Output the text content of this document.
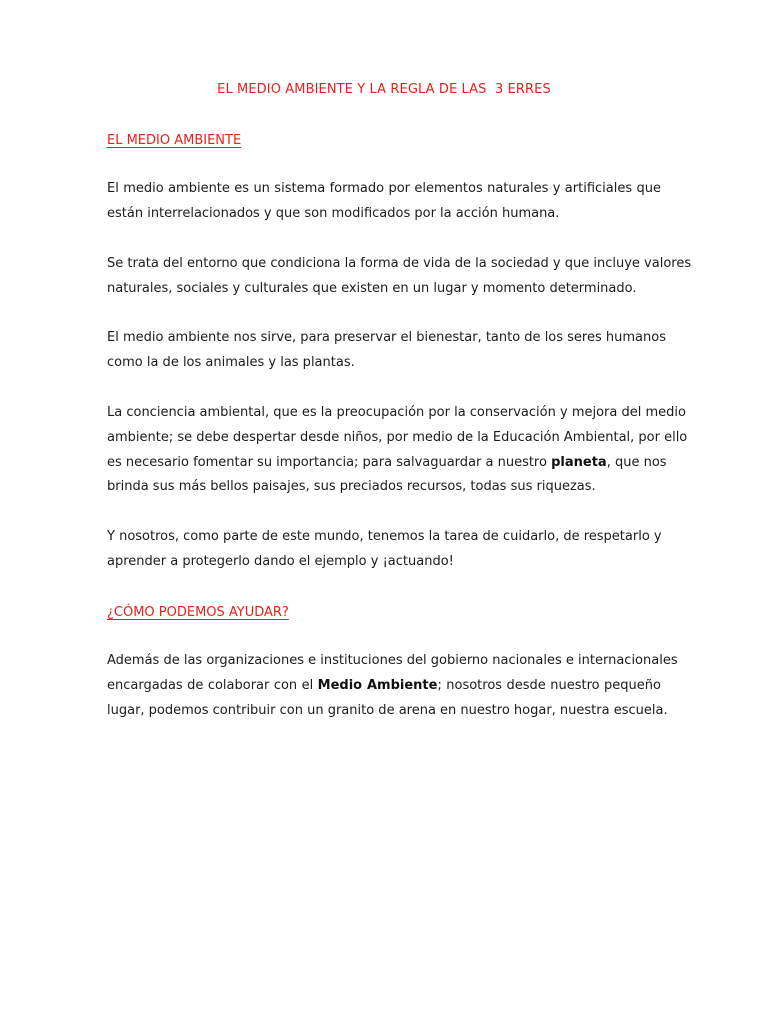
EL MEDIO AMBIENTE Y LA REGLA DE LAS  3 ERRES
EL MEDIO AMBIENTE
El medio ambiente es un sistema formado por elementos naturales y artificiales que
están interrelacionados y que son modificados por la acción humana.
Se trata del entorno que condiciona la forma de vida de la sociedad y que incluye valores
naturales, sociales y culturales que existen en un lugar y momento determinado.
El medio ambiente nos sirve, para preservar el bienestar, tanto de los seres humanos
como la de los animales y las plantas.
La conciencia ambiental, que es la preocupación por la conservación y mejora del medio
ambiente; se debe despertar desde niños, por medio de la Educación Ambiental, por ello
es necesario fomentar su importancia; para salvaguardar a nuestro planeta, que nos
brinda sus más bellos paisajes, sus preciados recursos, todas sus riquezas.
Y nosotros, como parte de este mundo, tenemos la tarea de cuidarlo, de respetarlo y
aprender a protegerlo dando el ejemplo y ¡actuando!
¿CÓMO PODEMOS AYUDAR?
Además de las organizaciones e instituciones del gobierno nacionales e internacionales
encargadas de colaborar con el Medio Ambiente; nosotros desde nuestro pequeño
lugar, podemos contribuir con un granito de arena en nuestro hogar, nuestra escuela.
